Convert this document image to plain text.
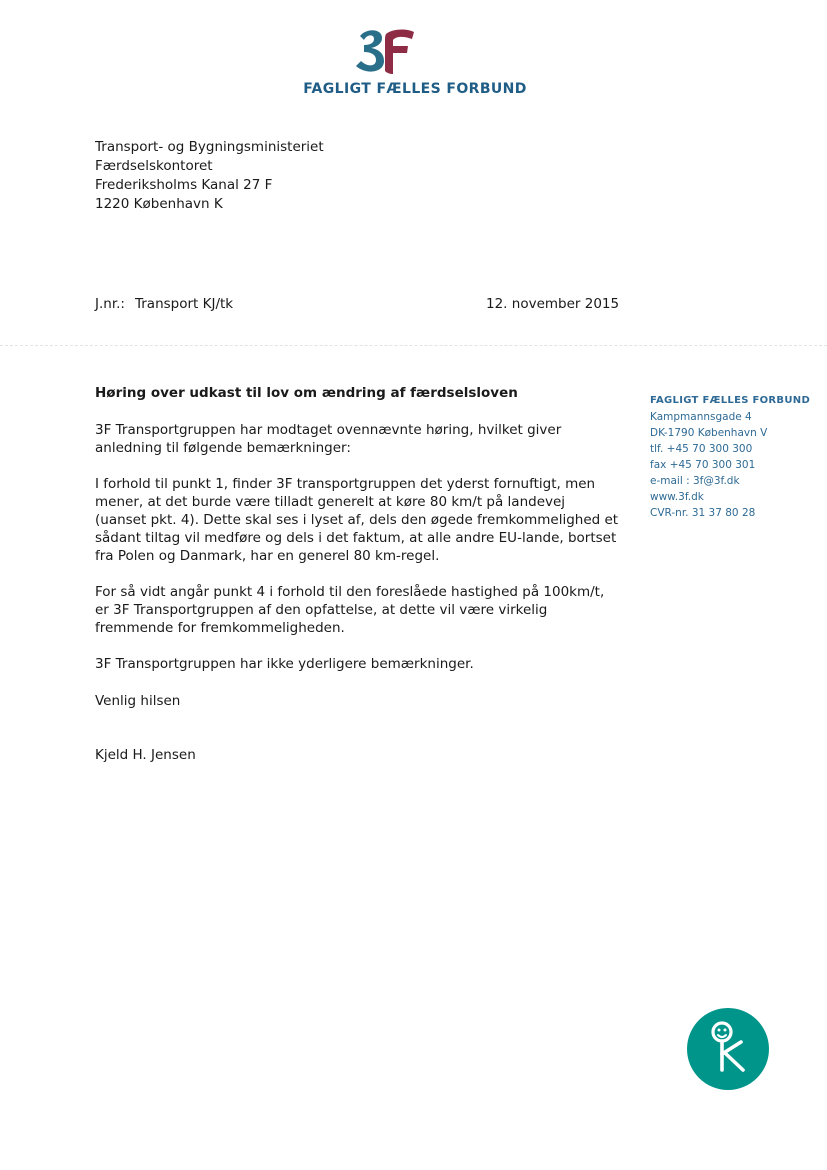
FAGLIGT FÆLLES FORBUND
Transport- og Bygningsministeriet
Færdselskontoret
Frederiksholms Kanal 27 F
1220 København K
J.nr.: Transport KJ/tk	12. november 2015
Høring over udkast til lov om ændring af færdselsloven

3F Transportgruppen har modtaget ovennævnte høring, hvilket giver
anledning til følgende bemærkninger:

I forhold til punkt 1, finder 3F transportgruppen det yderst fornuftigt, men
mener, at det burde være tilladt generelt at køre 80 km/t på landevej
(uanset pkt. 4). Dette skal ses i lyset af, dels den øgede fremkommelighed et
sådant tiltag vil medføre og dels i det faktum, at alle andre EU-lande, bortset
fra Polen og Danmark, har en generel 80 km-regel.

For så vidt angår punkt 4 i forhold til den foreslåede hastighed på 100km/t,
er 3F Transportgruppen af den opfattelse, at dette vil være virkelig
fremmende for fremkommeligheden.

3F Transportgruppen har ikke yderligere bemærkninger.

Venlig hilsen
Kjeld H. Jensen
FAGLIGT FÆLLES FORBUND
Kampmannsgade 4
DK-1790 København V
tlf. +45 70 300 300
fax +45 70 300 301
e-mail : 3f@3f.dk
www.3f.dk
CVR-nr. 31 37 80 28
